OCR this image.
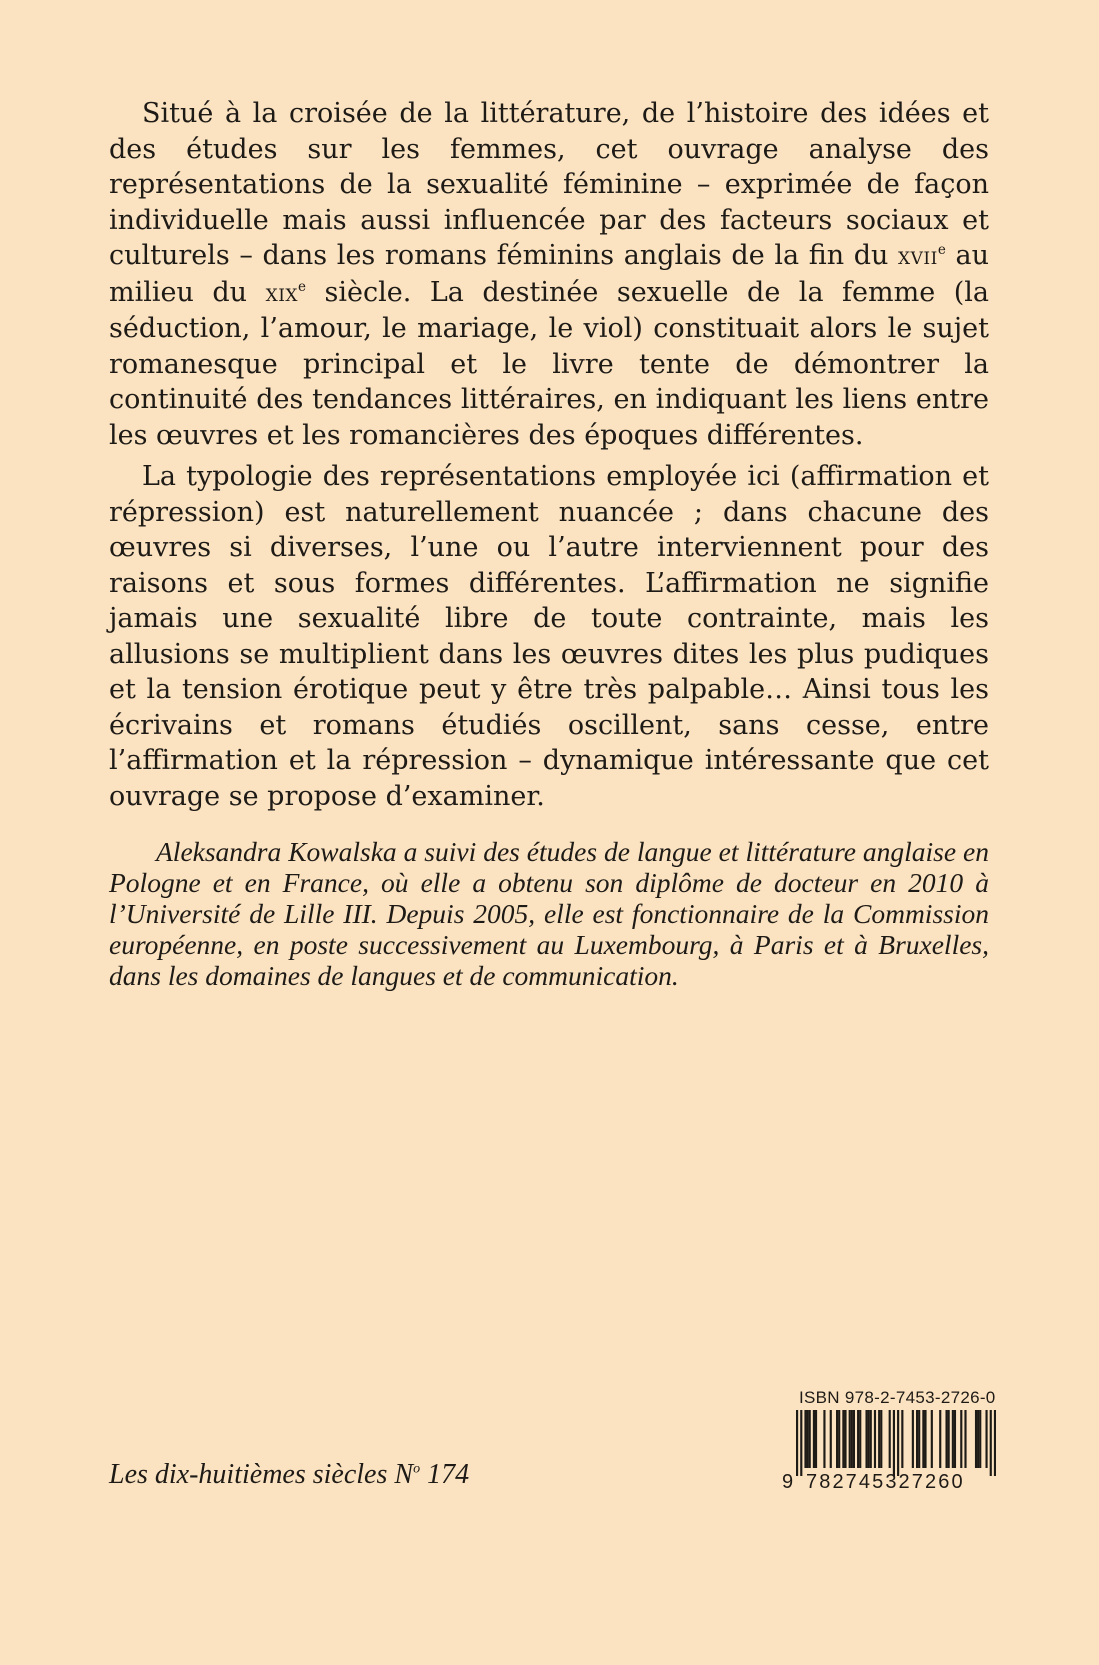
Situé à la croisée de la littérature, de l’histoire des idées et des études sur les femmes, cet ouvrage analyse des représentations de la sexualité féminine – exprimée de façon individuelle mais aussi influencée par des facteurs sociaux et culturels – dans les romans féminins anglais de la fin du xvii$^e$ au milieu du xix$^e$ siècle. La destinée sexuelle de la femme (la séduction, l’amour, le mariage, le viol) constituait alors le sujet romanesque principal et le livre tente de démontrer la continuité des tendances littéraires, en indiquant les liens entre les œuvres et les romancières des époques différentes.

La typologie des représentations employée ici (affirmation et répression) est naturellement nuancée ; dans chacune des œuvres si diverses, l’une ou l’autre interviennent pour des raisons et sous formes différentes. L’affirmation ne signifie jamais une sexualité libre de toute contrainte, mais les allusions se multiplient dans les œuvres dites les plus pudiques et la tension érotique peut y être très palpable… Ainsi tous les écrivains et romans étudiés oscillent, sans cesse, entre l’affirmation et la répression – dynamique intéressante que cet ouvrage se propose d’examiner.

Aleksandra Kowalska a suivi des études de langue et littérature anglaise en Pologne et en France, où elle a obtenu son diplôme de docteur en 2010 à l’Université de Lille III. Depuis 2005, elle est fonctionnaire de la Commission européenne, en poste successivement au Luxembourg, à Paris et à Bruxelles, dans les domaines de langues et de communication.

Les dix-huitièmes siècles $N^o$ 174

ISBN 978-2-7453-2726-0
9 782745327260
